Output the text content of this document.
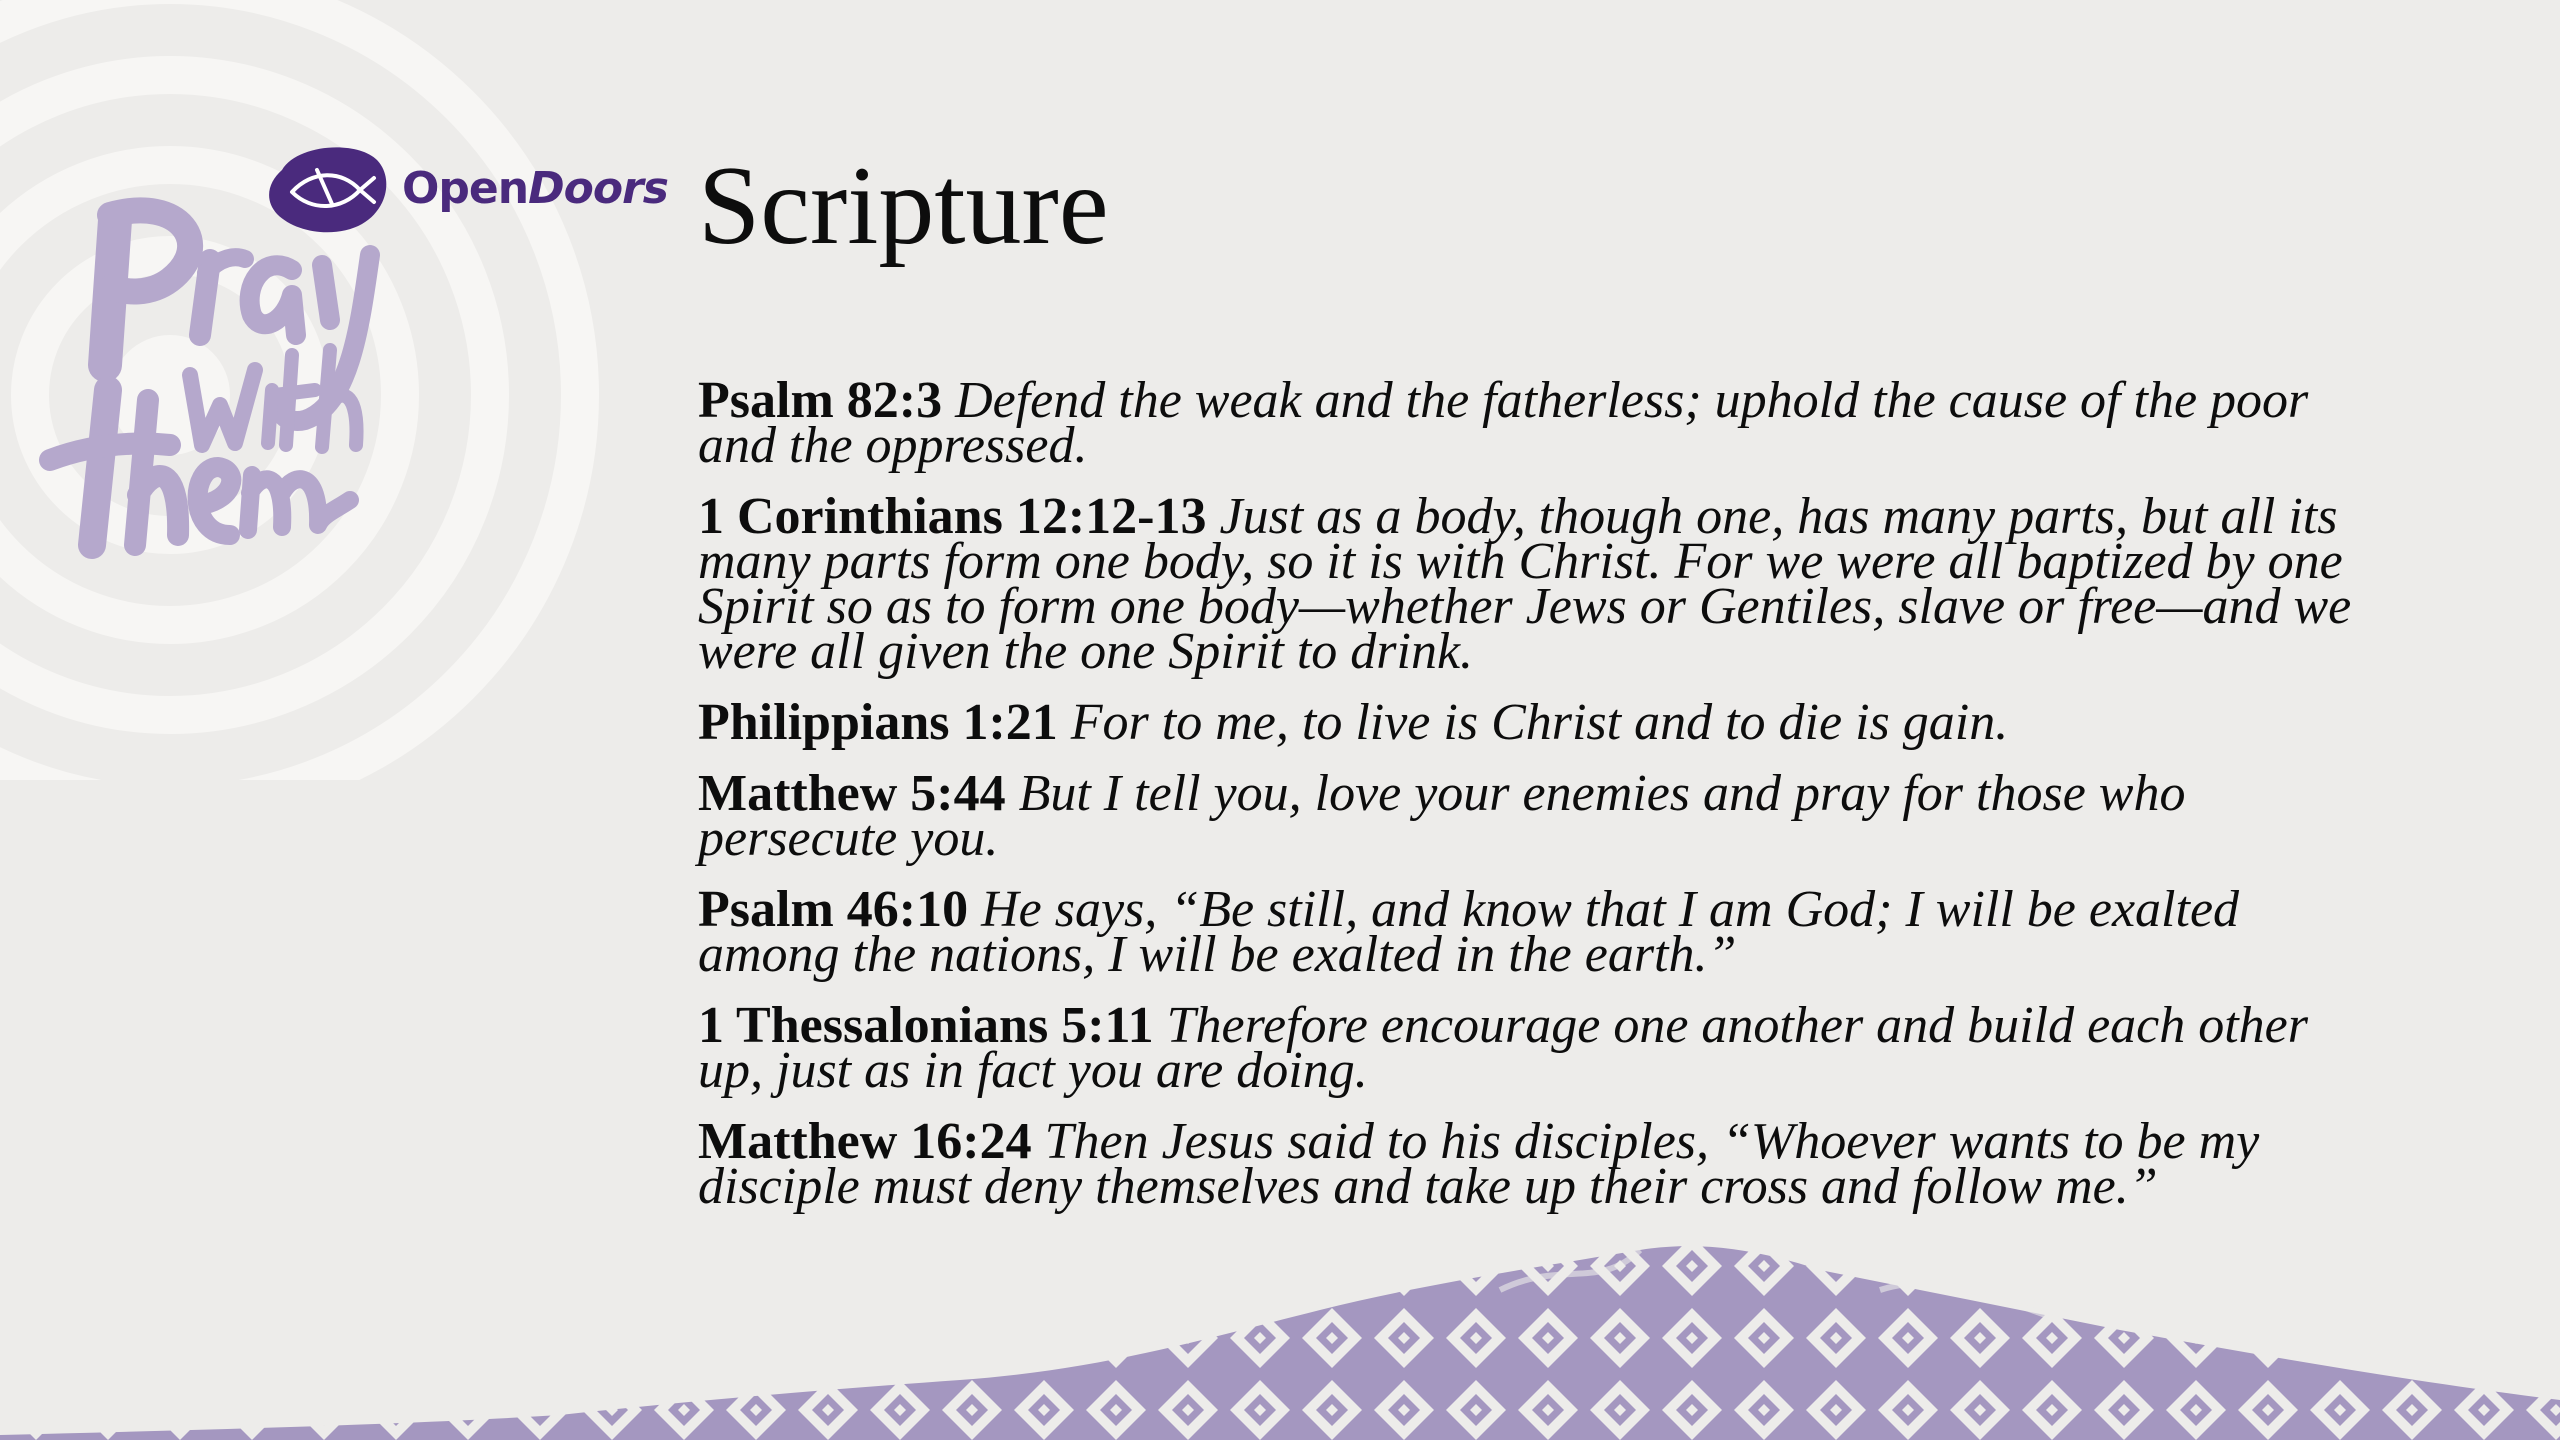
Open Doors Scripture

Psalm 82:3 Defend the weak and the fatherless; uphold the cause of the poor and the oppressed.

1 Corinthians 12:12-13 Just as a body, though one, has many parts, but all its many parts form one body, so it is with Christ. For we were all baptized by one Spirit so as to form one body—whether Jews or Gentiles, slave or free—and we were all given the one Spirit to drink.

Philippians 1:21 For to me, to live is Christ and to die is gain.

Matthew 5:44 But I tell you, love your enemies and pray for those who persecute you.

Psalm 46:10 He says, “Be still, and know that I am God; I will be exalted among the nations, I will be exalted in the earth.”

1 Thessalonians 5:11 Therefore encourage one another and build each other up, just as in fact you are doing.

Matthew 16:24 Then Jesus said to his disciples, “Whoever wants to be my disciple must deny themselves and take up their cross and follow me.”
